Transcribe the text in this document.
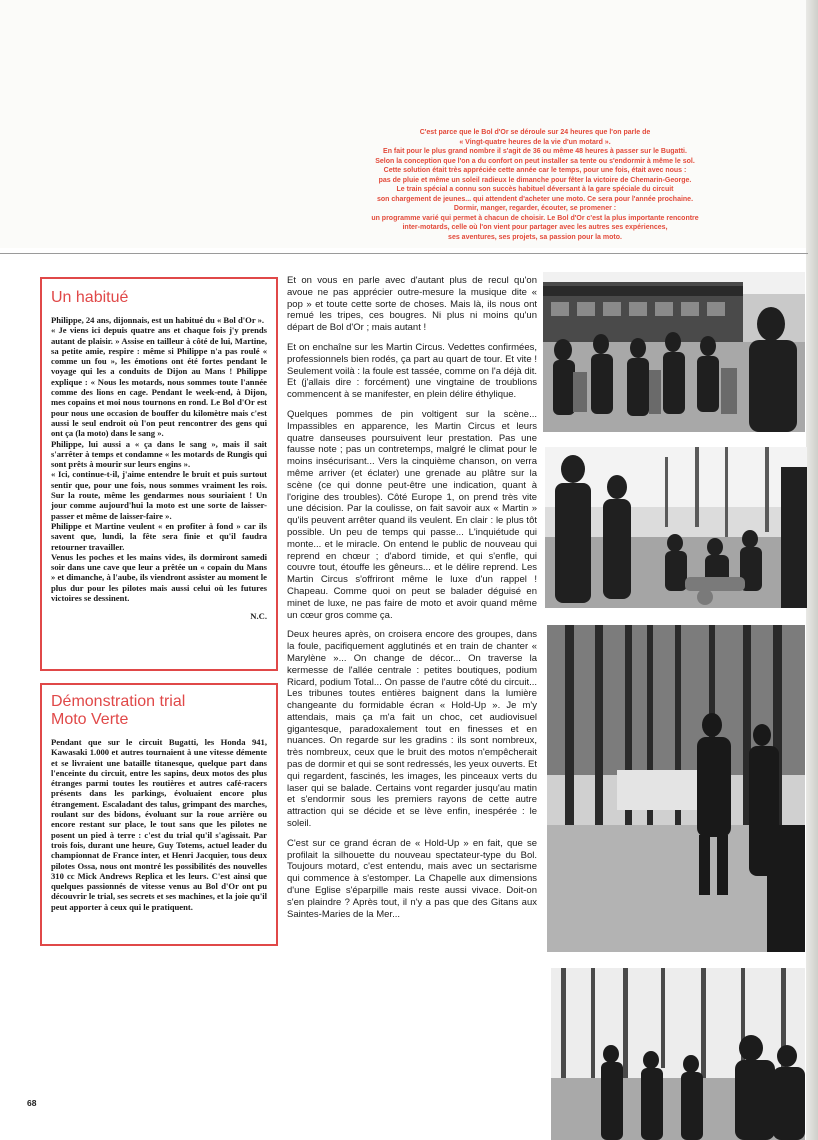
C'est parce que le Bol d'Or se déroule sur 24 heures que l'on parle de
« Vingt-quatre heures de la vie d'un motard ».
En fait pour le plus grand nombre il s'agit de 36 ou même 48 heures à passer sur le Bugatti.
Selon la conception que l'on a du confort on peut installer sa tente ou s'endormir à même le sol.
Cette solution était très appréciée cette année car le temps, pour une fois, était avec nous :
pas de pluie et même un soleil radieux le dimanche pour fêter la victoire de Chemarin-George.
Le train spécial a connu son succès habituel déversant à la gare spéciale du circuit
son chargement de jeunes... qui attendent d'acheter une moto. Ce sera pour l'année prochaine.
Dormir, manger, regarder, écouter, se promener :
un programme varié qui permet à chacun de choisir. Le Bol d'Or c'est la plus importante rencontre
inter-motards, celle où l'on vient pour partager avec les autres ses expériences,
ses aventures, ses projets, sa passion pour la moto.

Un habitué

Philippe, 24 ans, dijonnais, est un habitué du « Bol d'Or ».
« Je viens ici depuis quatre ans et chaque fois j'y prends autant de plaisir. » Assise en tailleur à côté de lui, Martine, sa petite amie, respire : même si Philippe n'a pas roulé « comme un fou », les émotions ont été fortes pendant le voyage qui les a conduits de Dijon au Mans ! Philippe explique : « Nous les motards, nous sommes toute l'année comme des lions en cage. Pendant le week-end, à Dijon, mes copains et moi nous tournons en rond. Le Bol d'Or est pour nous une occasion de bouffer du kilomètre mais c'est aussi le seul endroit où l'on peut rencontrer des gens qui ont ça (la moto) dans le sang ».
Philippe, lui aussi a « ça dans le sang », mais il sait s'arrêter à temps et condamne « les motards de Rungis qui sont prêts à mourir sur leurs engins ».
« Ici, continue-t-il, j'aime entendre le bruit et puis surtout sentir que, pour une fois, nous sommes vraiment les rois. Sur la route, même les gendarmes nous souriaient ! Un jour comme aujourd'hui la moto est une sorte de laisser-passer et même de laisser-faire ».
Philippe et Martine veulent « en profiter à fond » car ils savent que, lundi, la fête sera finie et qu'il faudra retourner travailler.
Venus les poches et les mains vides, ils dormiront samedi soir dans une cave que leur a prêtée un « copain du Mans » et dimanche, à l'aube, ils viendront assister au moment le plus dur pour les pilotes mais aussi celui où les futures victoires se dessinent.

N.C.
Démonstration trial
Moto Verte

Pendant que sur le circuit Bugatti, les Honda 941, Kawasaki 1.000 et autres tournaient à une vitesse démente et se livraient une bataille titanesque, quelque part dans l'enceinte du circuit, entre les sapins, deux motos des plus étranges parmi toutes les routières et autres café-racers présents dans les parkings, évoluaient encore plus étrangement. Escaladant des talus, grimpant des marches, roulant sur des bidons, évoluant sur la roue arrière ou encore restant sur place, le tout sans que les pilotes ne posent un pied à terre : c'est du trial qu'il s'agissait. Par trois fois, durant une heure, Guy Totems, actuel leader du championnat de France inter, et Henri Jacquier, tous deux pilotes Ossa, nous ont montré les possibilités des nouvelles 310 cc Mick Andrews Replica et les leurs. C'est ainsi que quelques passionnés de vitesse venus au Bol d'Or ont pu découvrir le trial, ses secrets et ses machines, et la joie qu'il peut apporter à ceux qui le pratiquent.

Et on vous en parle avec d'autant plus de recul qu'on avoue ne pas apprécier outre-mesure la musique dite « pop » et toute cette sorte de choses. Mais là, ils nous ont remué les tripes, ces bougres. Ni plus ni moins qu'un départ de Bol d'Or ; mais autant !

Et on enchaîne sur les Martin Circus. Vedettes confirmées, professionnels bien rodés, ça part au quart de tour. Et vite ! Seulement voilà : la foule est tassée, comme on l'a déjà dit. Et (j'allais dire : forcément) une vingtaine de troublions commencent à se manifester, en plein délire éthylique.

Quelques pommes de pin voltigent sur la scène... Impassibles en apparence, les Martin Circus et leurs quatre danseuses poursuivent leur prestation. Pas une fausse note ; pas un contretemps, malgré le climat pour le moins insécurisant... Vers la cinquième chanson, on verra même arriver (et éclater) une grenade au plâtre sur la scène (ce qui donne peut-être une indication, quant à l'origine des troubles). Côté Europe 1, on prend très vite une décision. Par la coulisse, on fait savoir aux « Martin » qu'ils peuvent arrêter quand ils veulent. En clair : le plus tôt possible. Un peu de temps qui passe... L'inquiétude qui monte... et le miracle. On entend le public de nouveau qui reprend en chœur ; d'abord timide, et qui s'enfle, qui couvre tout, étouffe les gêneurs... et le délire reprend. Les Martin Circus s'offriront même le luxe d'un rappel ! Chapeau. Comme quoi on peut se balader déguisé en minet de luxe, ne pas faire de moto et avoir quand même un cœur gros comme ça.

Deux heures après, on croisera encore des groupes, dans la foule, pacifiquement agglutinés et en train de chanter « Marylène »... On change de décor... On traverse la kermesse de l'allée centrale : petites boutiques, podium Ricard, podium Total... On passe de l'autre côté du circuit... Les tribunes toutes entières baignent dans la lumière changeante du formidable écran « Hold-Up ». Je m'y attendais, mais ça m'a fait un choc, cet audiovisuel gigantesque, paradoxalement tout en finesses et en nuances. On regarde sur les gradins : ils sont nombreux, très nombreux, ceux que le bruit des motos n'empêcherait pas de dormir et qui se sont redressés, les yeux ouverts. Et qui regardent, fascinés, les images, les pinceaux verts du laser qui se balade. Certains vont regarder jusqu'au matin et s'endormir sous les premiers rayons de cette autre attraction qui se décide et se lève enfin, inespérée : le soleil.

C'est sur ce grand écran de « Hold-Up » en fait, que se profilait la silhouette du nouveau spectateur-type du Bol. Toujours motard, c'est entendu, mais avec un sectarisme qui commence à s'estomper. La Chapelle aux dimensions d'une Eglise s'éparpille mais reste aussi vivace. Doit-on s'en plaindre ? Après tout, il n'y a pas que des Gitans aux Saintes-Maries de la Mer...

68
